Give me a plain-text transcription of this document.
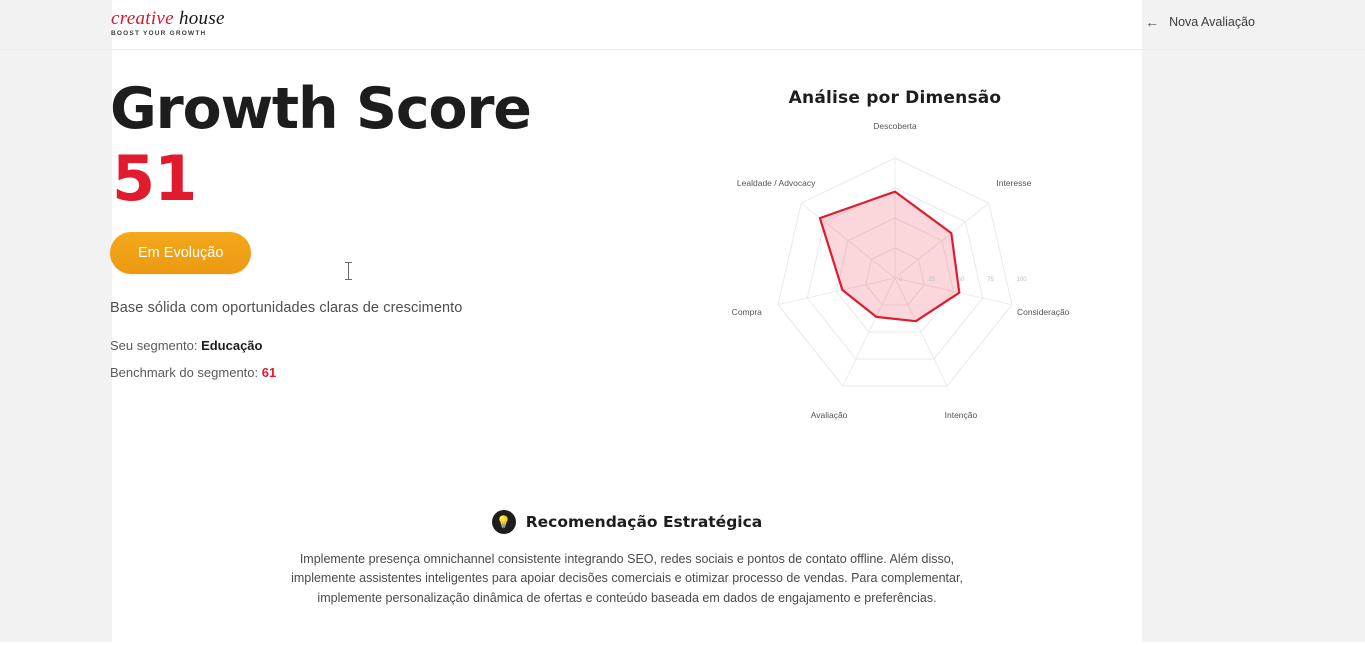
creative house
BOOST YOUR GROWTH
← Nova Avaliação
Growth Score
51
Em Evolução
Base sólida com oportunidades claras de crescimento
Seu segmento: Educação
Benchmark do segmento: 61
Análise por Dimensão
0	25	50	75	100
Descoberta
Interesse
Consideração
Intenção
Avaliação
Compra
Lealdade / Advocacy
💡 Recomendação Estratégica
Implemente presença omnichannel consistente integrando SEO, redes sociais e pontos de contato offline. Além disso, implemente assistentes inteligentes para apoiar decisões comerciais e otimizar processo de vendas. Para complementar, implemente personalização dinâmica de ofertas e conteúdo baseada em dados de engajamento e preferências.
